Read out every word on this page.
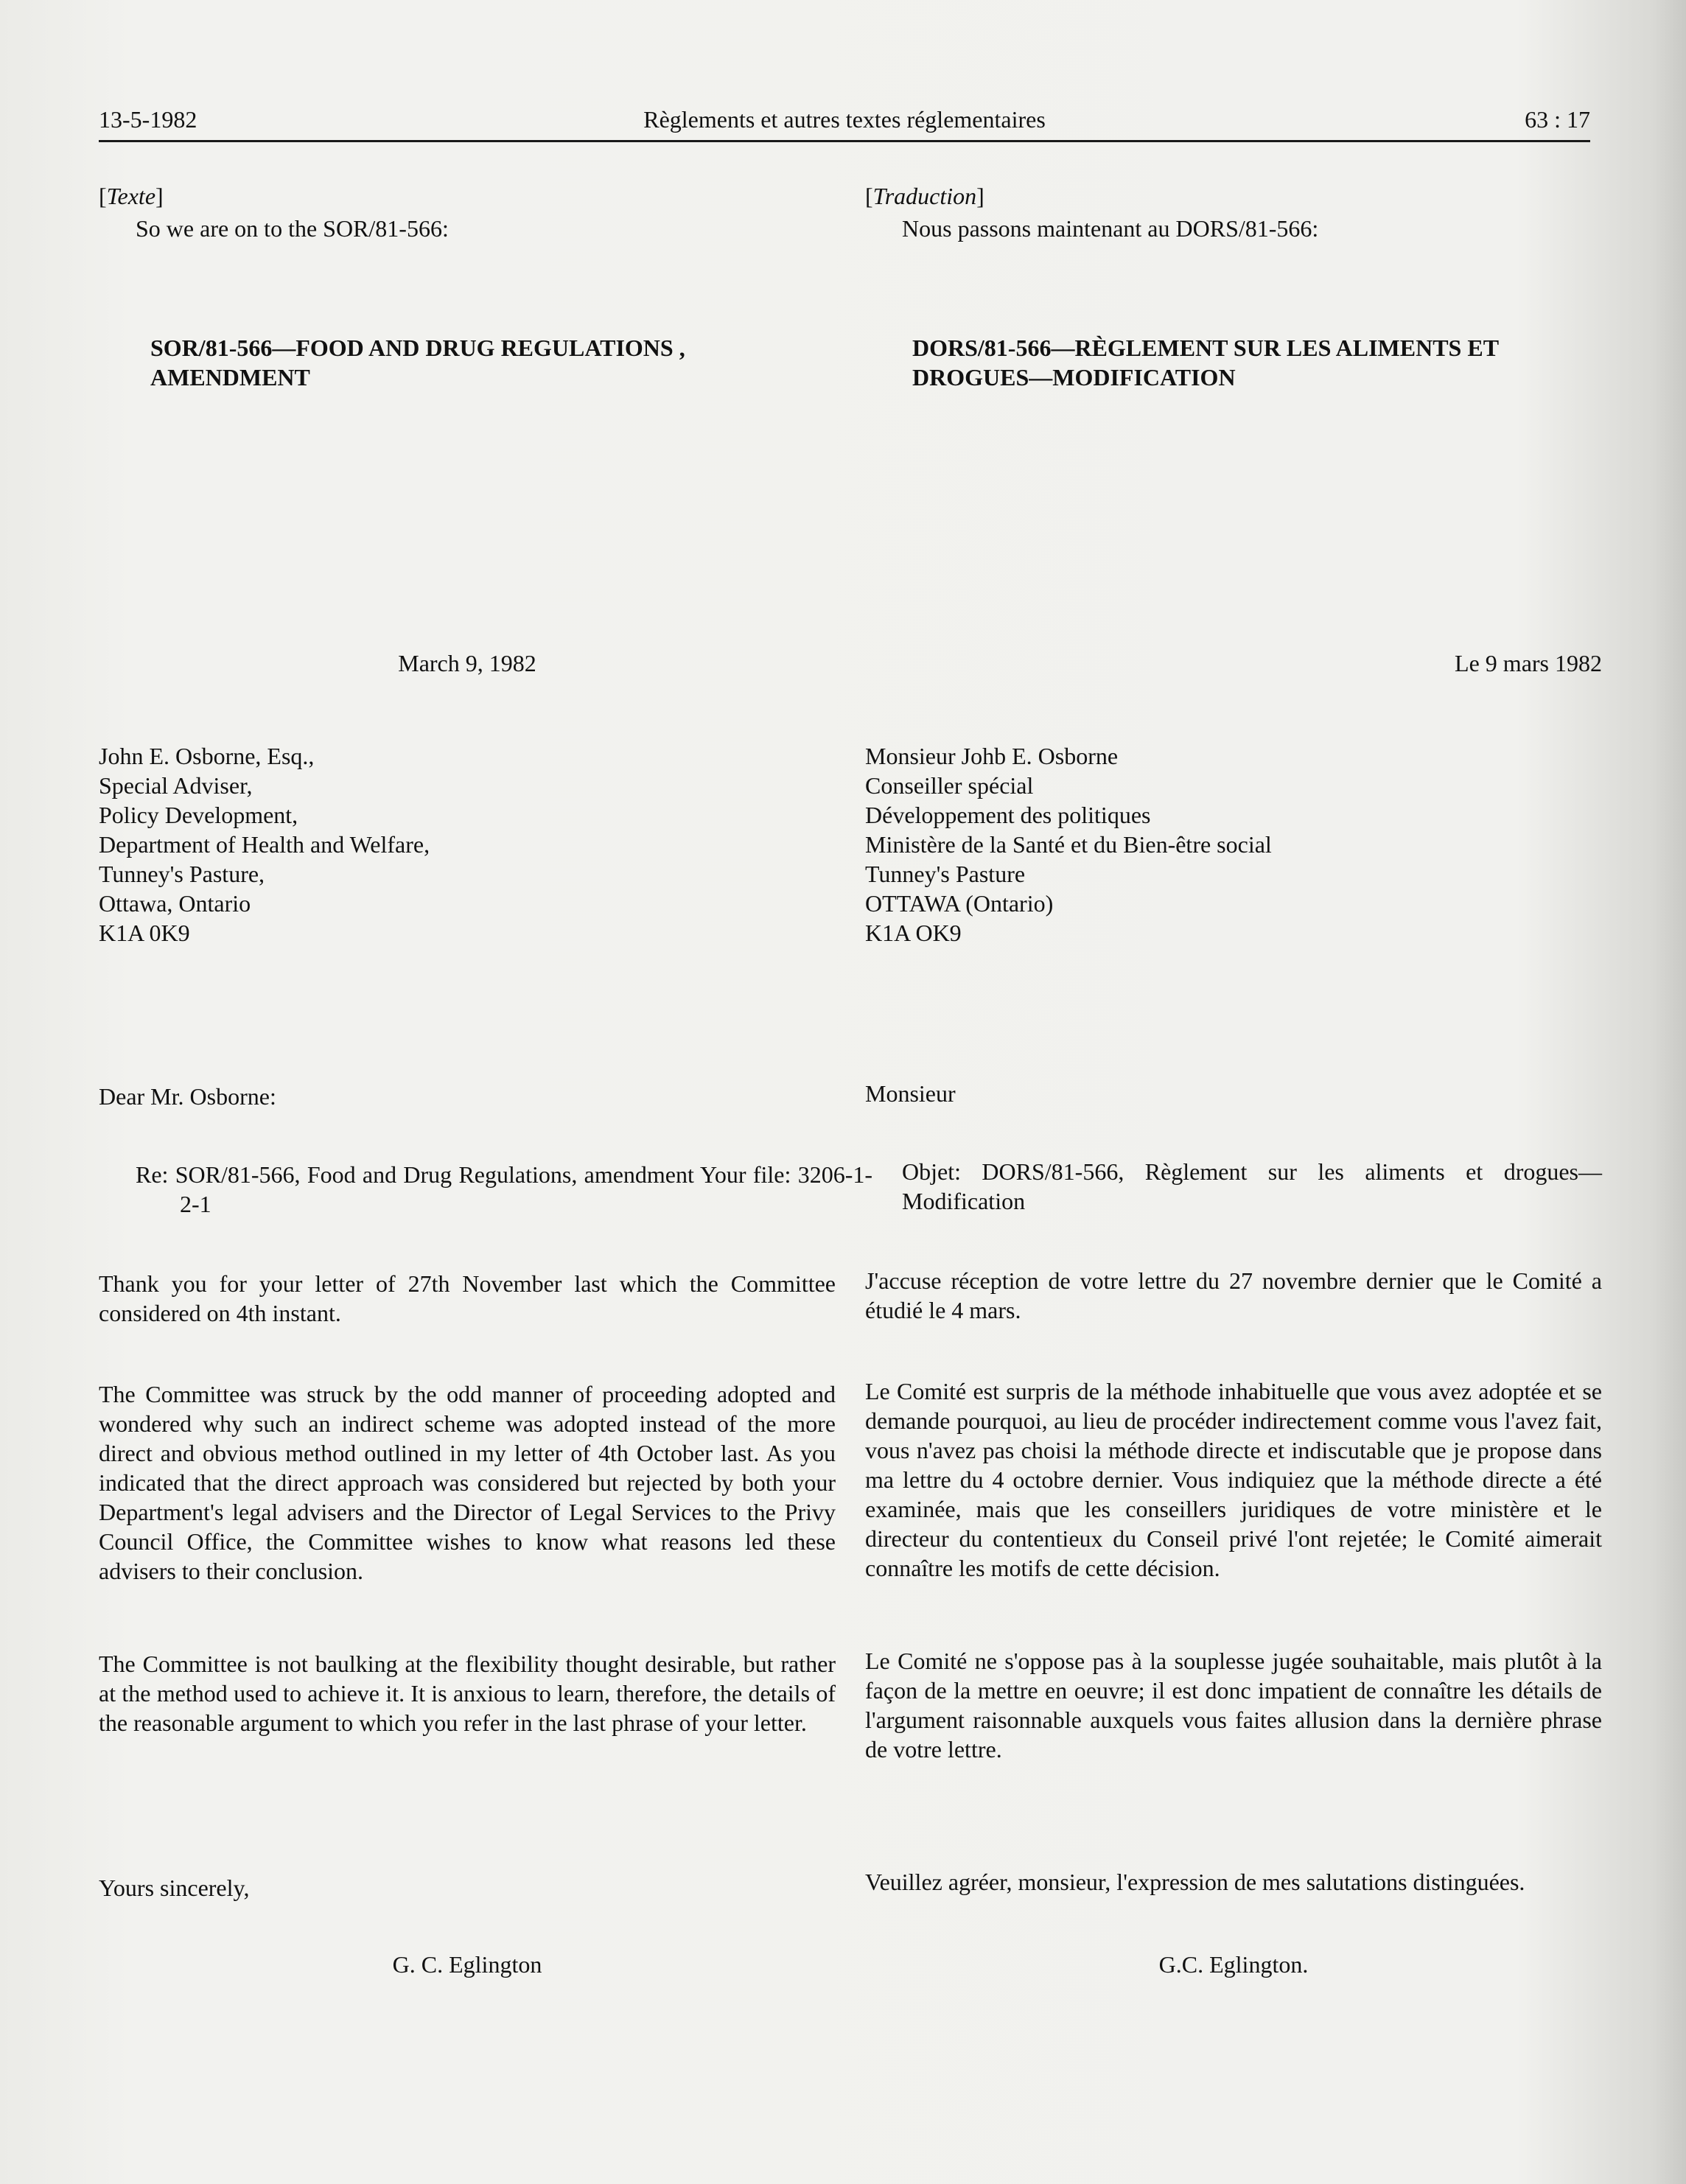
13-5-1982	Règlements et autres textes réglementaires	63 : 17
[Texte]
So we are on to the SOR/81-566:
SOR/81-566—FOOD AND DRUG REGULATIONS , AMENDMENT
March 9, 1982
John E. Osborne, Esq.,
Special Adviser,
Policy Development,
Department of Health and Welfare,
Tunney's Pasture,
Ottawa, Ontario
K1A 0K9
Dear Mr. Osborne:
Re: SOR/81-566, Food and Drug Regulations, amendment Your file: 3206-1-2-1

Thank you for your letter of 27th November last which the Committee considered on 4th instant.

The Committee was struck by the odd manner of proceeding adopted and wondered why such an indirect scheme was adopted instead of the more direct and obvious method outlined in my letter of 4th October last. As you indicated that the direct approach was considered but rejected by both your Department's legal advisers and the Director of Legal Services to the Privy Council Office, the Committee wishes to know what reasons led these advisers to their conclusion.

The Committee is not baulking at the flexibility thought desirable, but rather at the method used to achieve it. It is anxious to learn, therefore, the details of the reasonable argument to which you refer in the last phrase of your letter.

Yours sincerely,
G. C. Eglington
[Traduction]
Nous passons maintenant au DORS/81-566:
DORS/81-566—RÈGLEMENT SUR LES ALIMENTS ET DROGUES—MODIFICATION
Le 9 mars 1982
Monsieur Johb E. Osborne
Conseiller spécial
Développement des politiques
Ministère de la Santé et du Bien-être social
Tunney's Pasture
OTTAWA (Ontario)
K1A OK9
Monsieur
Objet: DORS/81-566, Règlement sur les aliments et drogues—Modification

J'accuse réception de votre lettre du 27 novembre dernier que le Comité a étudié le 4 mars.

Le Comité est surpris de la méthode inhabituelle que vous avez adoptée et se demande pourquoi, au lieu de procéder indirectement comme vous l'avez fait, vous n'avez pas choisi la méthode directe et indiscutable que je propose dans ma lettre du 4 octobre dernier. Vous indiquiez que la méthode directe a été examinée, mais que les conseillers juridiques de votre ministère et le directeur du contentieux du Conseil privé l'ont rejetée; le Comité aimerait connaître les motifs de cette décision.

Le Comité ne s'oppose pas à la souplesse jugée souhaitable, mais plutôt à la façon de la mettre en oeuvre; il est donc impatient de connaître les détails de l'argument raisonnable auxquels vous faites allusion dans la dernière phrase de votre lettre.

Veuillez agréer, monsieur, l'expression de mes salutations distinguées.
G.C. Eglington.
